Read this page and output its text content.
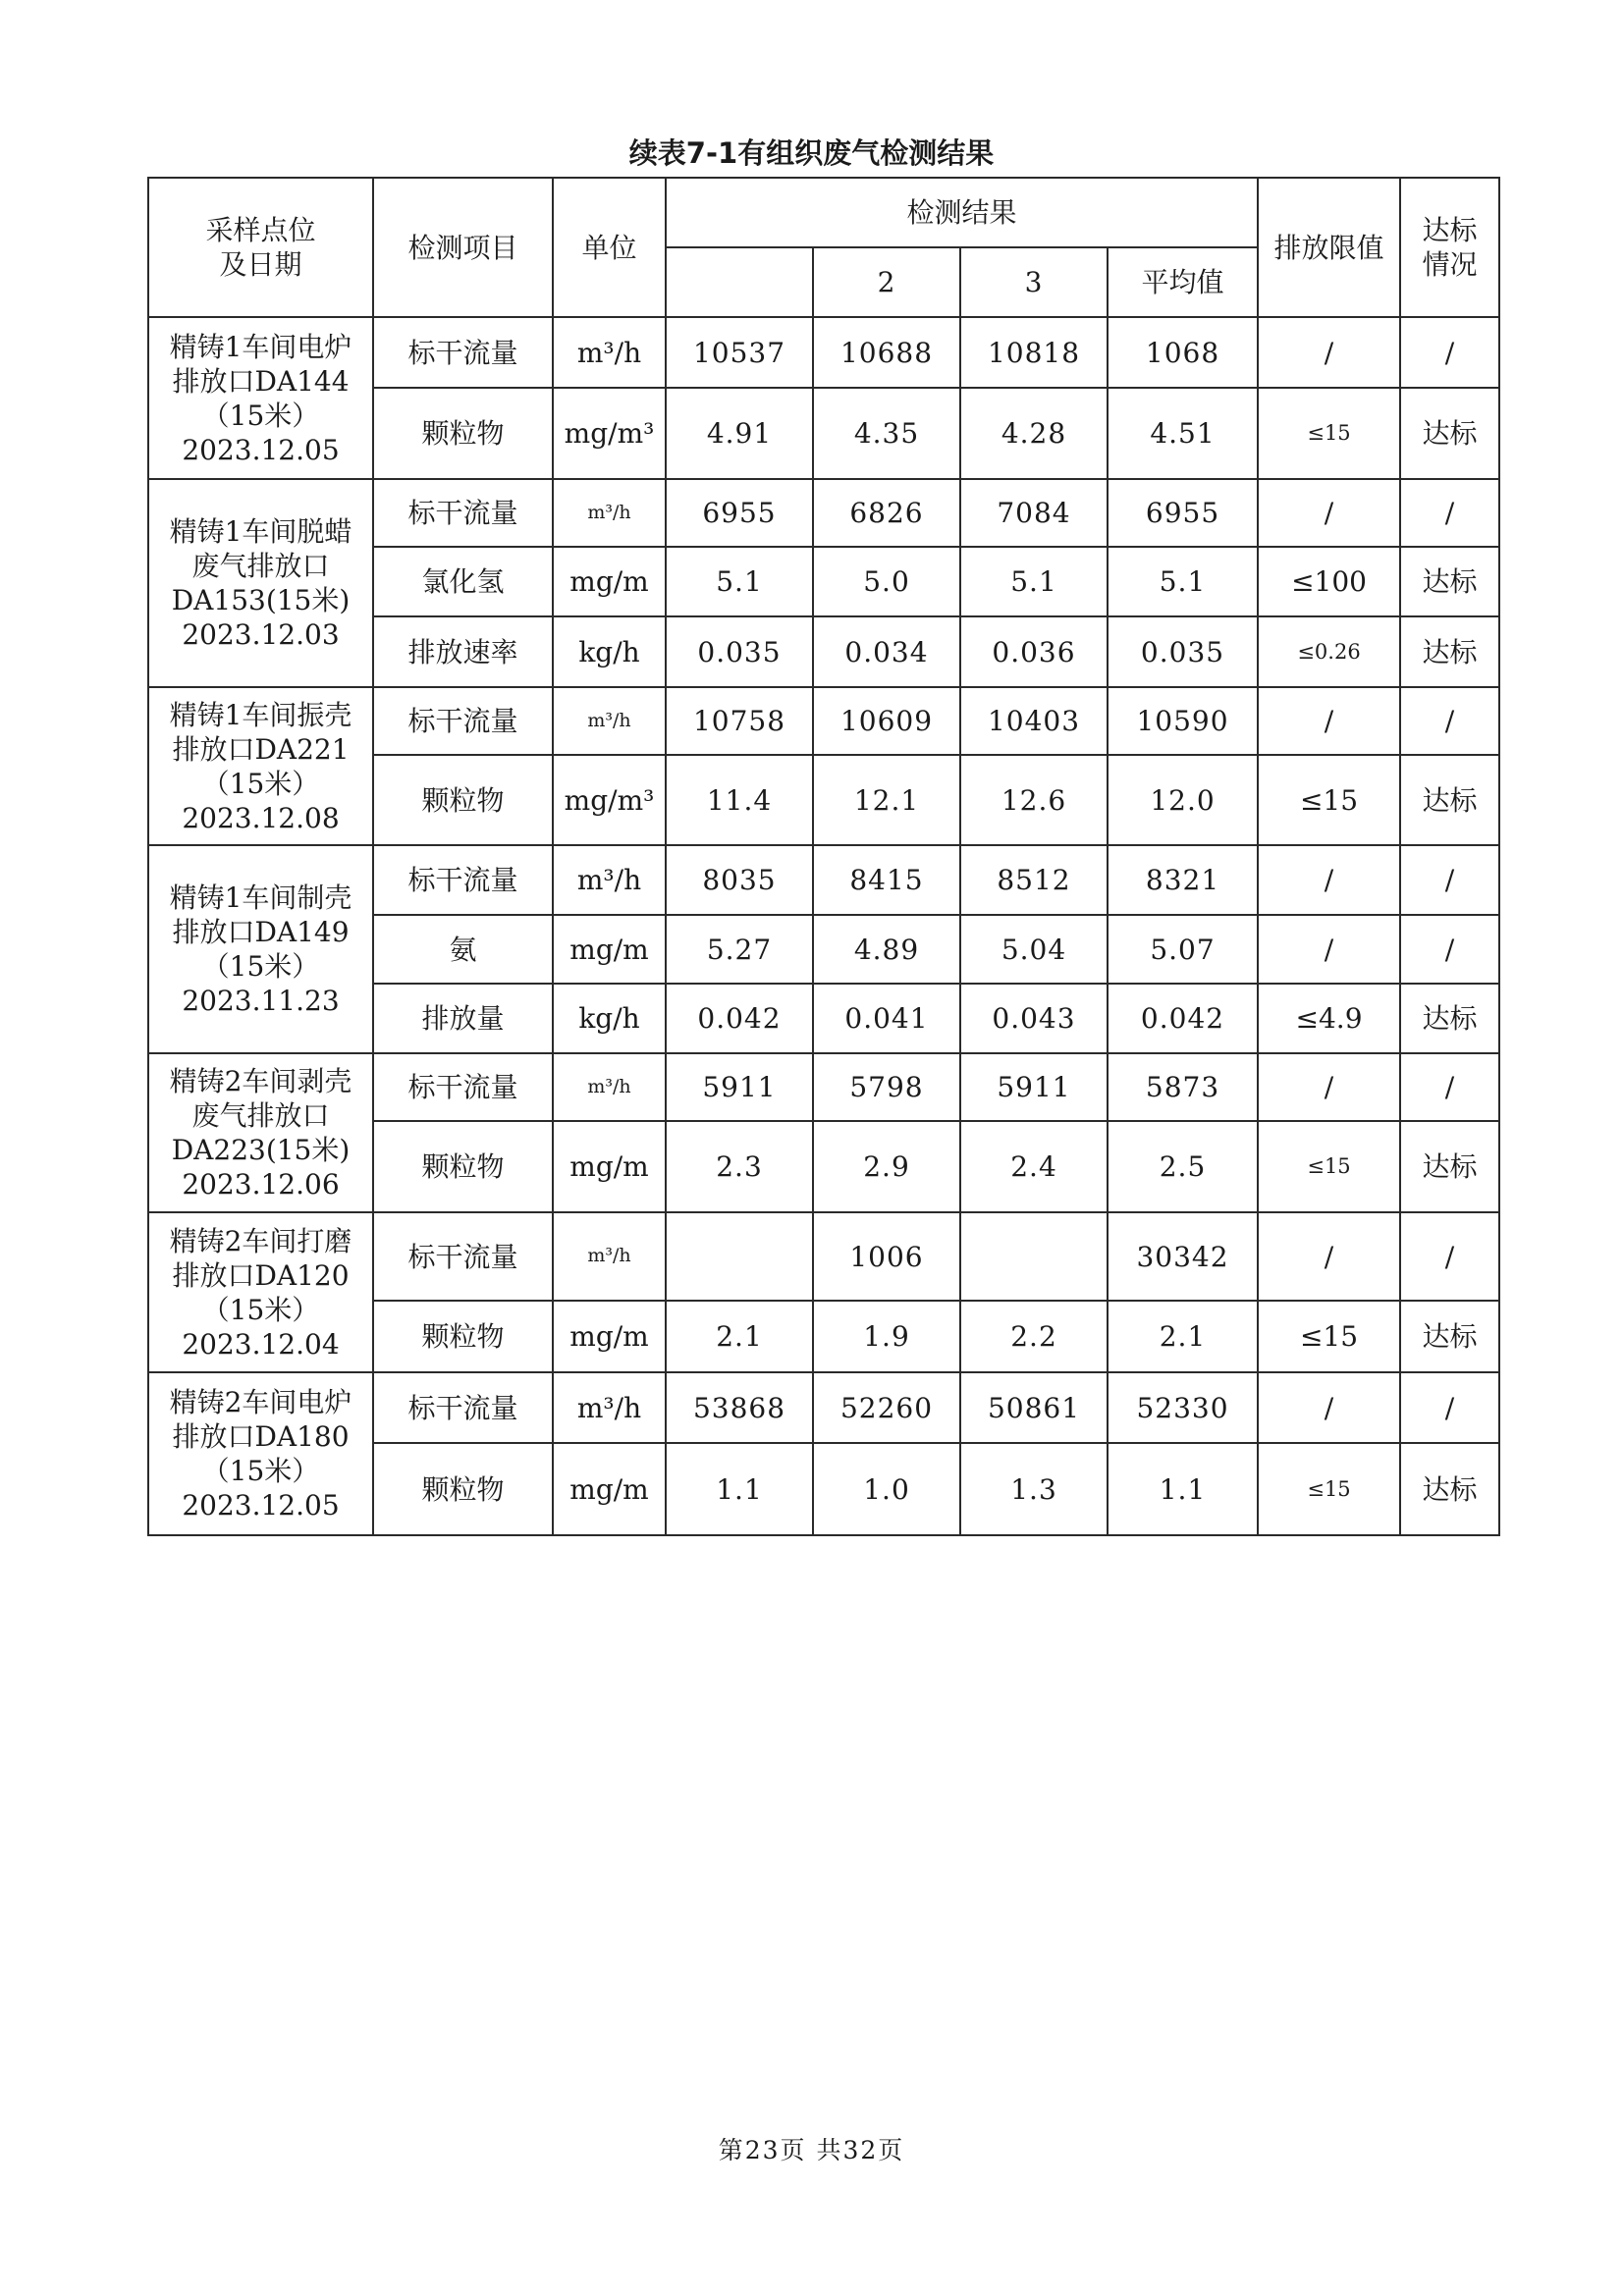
续表7-1有组织废气检测结果
采样点位
及日期	检测项目	单位	检测结果				排放限值	达标
情况
				2	3	平均值		
精铸1车间电炉
排放口DA144
（15米）
2023.12.05	标干流量	m³/h	10537	10688	10818	1068	/	/
	颗粒物	mg/m³	4.91	4.35	4.28	4.51	≤15	达标
精铸1车间脱蜡
废气排放口
DA153(15米)
2023.12.03	标干流量	m³/h	6955	6826	7084	6955	/	/
	氯化氢	mg/m	5.1	5.0	5.1	5.1	≤100	达标
	排放速率	kg/h	0.035	0.034	0.036	0.035	≤0.26	达标
精铸1车间振壳
排放口DA221
（15米）
2023.12.08	标干流量	m³/h	10758	10609	10403	10590	/	/
	颗粒物	mg/m³	11.4	12.1	12.6	12.0	≤15	达标
精铸1车间制壳
排放口DA149
（15米）
2023.11.23	标干流量	m³/h	8035	8415	8512	8321	/	/
	氨	mg/m	5.27	4.89	5.04	5.07	/	/
	排放量	kg/h	0.042	0.041	0.043	0.042	≤4.9	达标
精铸2车间剥壳
废气排放口
DA223(15米)
2023.12.06	标干流量	m³/h	5911	5798	5911	5873	/	/
	颗粒物	mg/m	2.3	2.9	2.4	2.5	≤15	达标
精铸2车间打磨
排放口DA120
（15米）
2023.12.04	标干流量	m³/h		1006		30342	/	/
	颗粒物	mg/m	2.1	1.9	2.2	2.1	≤15	达标
精铸2车间电炉
排放口DA180
（15米）
2023.12.05	标干流量	m³/h	53868	52260	50861	52330	/	/
	颗粒物	mg/m	1.1	1.0	1.3	1.1	≤15	达标
第23页 共32页
